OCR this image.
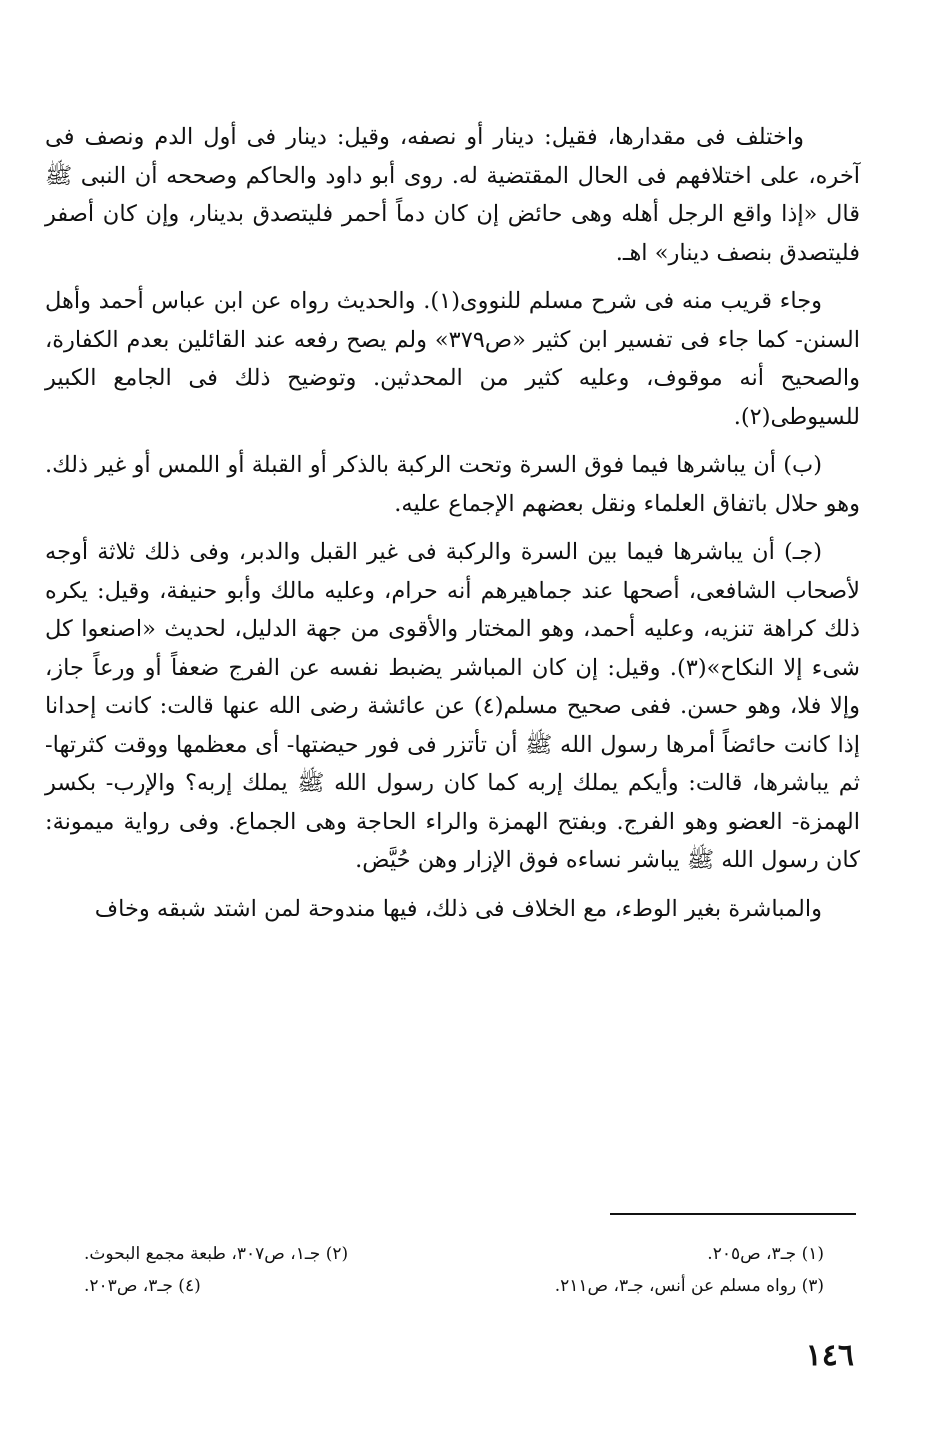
واختلف فى مقدارها، فقيل: دينار أو نصفه، وقيل: دينار فى أول الدم ونصف فى آخره، على اختلافهم فى الحال المقتضية له. روى أبو داود والحاكم وصححه أن النبى ﷺ قال «إذا واقع الرجل أهله وهى حائض إن كان دماً أحمر فليتصدق بدينار، وإن كان أصفر فليتصدق بنصف دينار» اهـ.

وجاء قريب منه فى شرح مسلم للنووى(١). والحديث رواه عن ابن عباس أحمد وأهل السنن- كما جاء فى تفسير ابن كثير «ص٣٧٩» ولم يصح رفعه عند القائلين بعدم الكفارة، والصحيح أنه موقوف، وعليه كثير من المحدثين. وتوضيح ذلك فى الجامع الكبير للسيوطى(٢).

(ب) أن يباشرها فيما فوق السرة وتحت الركبة بالذكر أو القبلة أو اللمس أو غير ذلك. وهو حلال باتفاق العلماء ونقل بعضهم الإجماع عليه.

(جـ) أن يباشرها فيما بين السرة والركبة فى غير القبل والدبر، وفى ذلك ثلاثة أوجه لأصحاب الشافعى، أصحها عند جماهيرهم أنه حرام، وعليه مالك وأبو حنيفة، وقيل: يكره ذلك كراهة تنزيه، وعليه أحمد، وهو المختار والأقوى من جهة الدليل، لحديث «اصنعوا كل شىء إلا النكاح»(٣). وقيل: إن كان المباشر يضبط نفسه عن الفرج ضعفاً أو ورعاً جاز، وإلا فلا، وهو حسن. ففى صحيح مسلم(٤) عن عائشة رضى الله عنها قالت: كانت إحدانا إذا كانت حائضاً أمرها رسول الله ﷺ أن تأتزر فى فور حيضتها- أى معظمها ووقت كثرتها- ثم يباشرها، قالت: وأيكم يملك إربه كما كان رسول الله ﷺ يملك إربه؟ والإرب- بكسر الهمزة- العضو وهو الفرج. وبفتح الهمزة والراء الحاجة وهى الجماع. وفى رواية ميمونة: كان رسول الله ﷺ يباشر نساءه فوق الإزار وهن حُيَّض.

والمباشرة بغير الوطء، مع الخلاف فى ذلك، فيها مندوحة لمن اشتد شبقه وخاف

(١) جـ٣، ص٢٠٥.
(٢) جـ١، ص٣٠٧، طبعة مجمع البحوث.
(٣) رواه مسلم عن أنس، جـ٣، ص٢١١.
(٤) جـ٣، ص٢٠٣.
١٤٦
